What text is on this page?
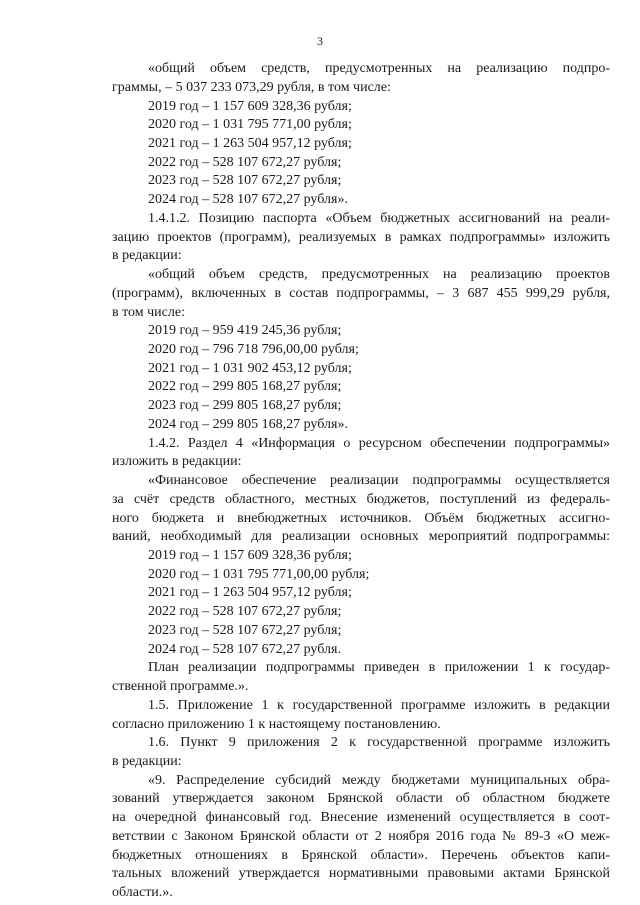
3
«общий объем средств, предусмотренных на реализацию подпро-
граммы, – 5 037 233 073,29 рубля, в том числе:
2019 год – 1 157 609 328,36 рубля;
2020 год – 1 031 795 771,00 рубля;
2021 год – 1 263 504 957,12 рубля;
2022 год – 528 107 672,27 рубля;
2023 год – 528 107 672,27 рубля;
2024 год – 528 107 672,27 рубля».
1.4.1.2. Позицию паспорта «Объем бюджетных ассигнований на реали-
зацию проектов (программ), реализуемых в рамках подпрограммы» изложить
в редакции:
«общий объем средств, предусмотренных на реализацию проектов
(программ), включенных в состав подпрограммы, – 3 687 455 999,29 рубля,
в том числе:
2019 год – 959 419 245,36 рубля;
2020 год – 796 718 796,00,00 рубля;
2021 год – 1 031 902 453,12 рубля;
2022 год – 299 805 168,27 рубля;
2023 год – 299 805 168,27 рубля;
2024 год – 299 805 168,27 рубля».
1.4.2. Раздел 4 «Информация о ресурсном обеспечении подпрограммы»
изложить в редакции:
«Финансовое обеспечение реализации подпрограммы осуществляется
за счёт средств областного, местных бюджетов, поступлений из федераль-
ного бюджета и внебюджетных источников. Объём бюджетных ассигно-
ваний, необходимый для реализации основных мероприятий подпрограммы:
2019 год – 1 157 609 328,36 рубля;
2020 год – 1 031 795 771,00,00 рубля;
2021 год – 1 263 504 957,12 рубля;
2022 год – 528 107 672,27 рубля;
2023 год – 528 107 672,27 рубля;
2024 год – 528 107 672,27 рубля.
План реализации подпрограммы приведен в приложении 1 к государ-
ственной программе.».
1.5. Приложение 1 к государственной программе изложить в редакции
согласно приложению 1 к настоящему постановлению.
1.6. Пункт 9 приложения 2 к государственной программе изложить
в редакции:
«9. Распределение субсидий между бюджетами муниципальных обра-
зований утверждается законом Брянской области об областном бюджете
на очередной финансовый год. Внесение изменений осуществляется в соот-
ветствии с Законом Брянской области от 2 ноября 2016 года № 89-З «О меж-
бюджетных отношениях в Брянской области». Перечень объектов капи-
тальных вложений утверждается нормативными правовыми актами Брянской
области.».
